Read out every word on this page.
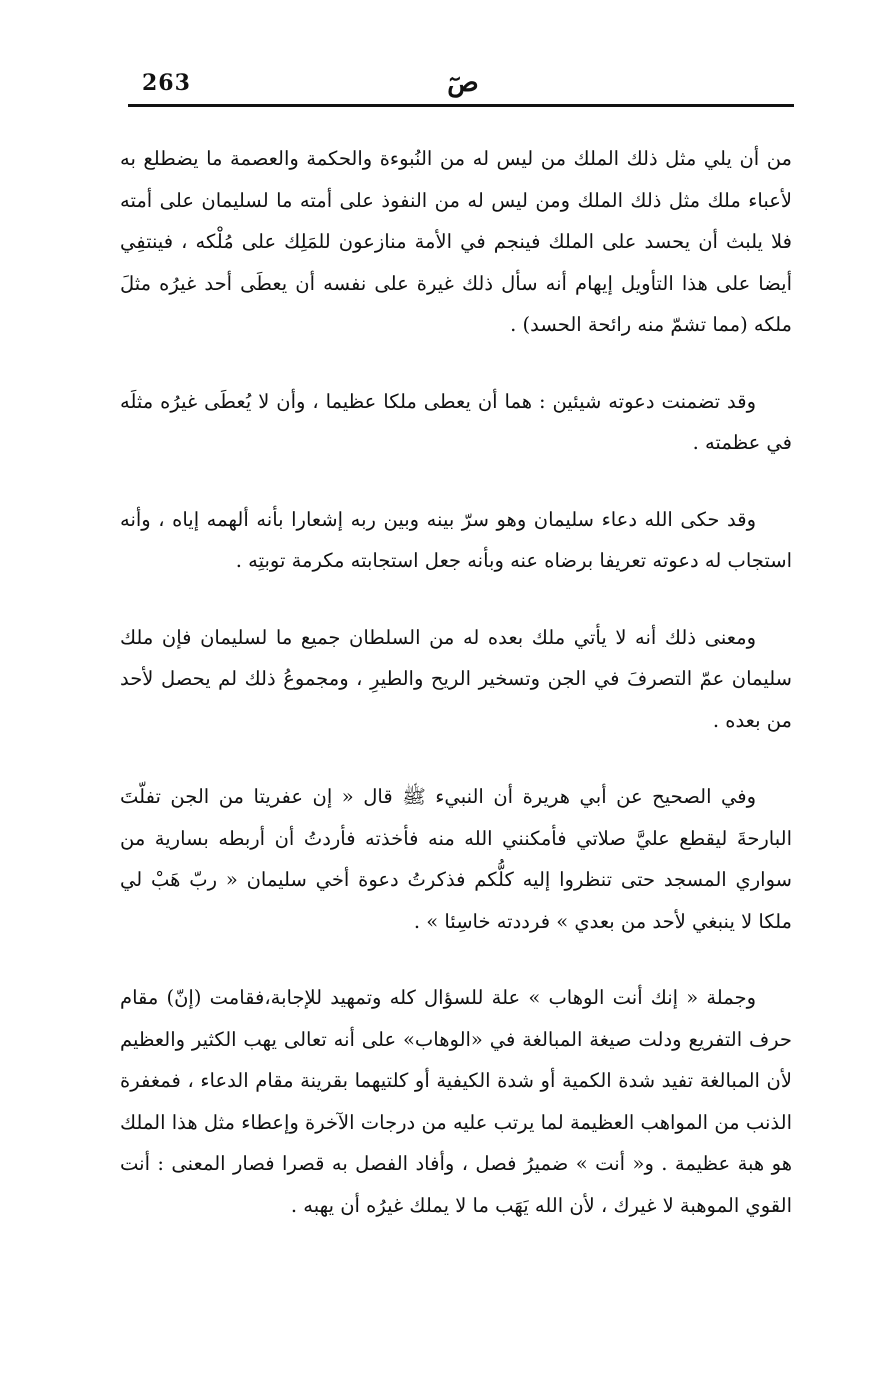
263	صٓ

من أن يلي مثل ذلك الملك من ليس له من النُبوءة والحكمة والعصمة ما يضطلع به لأعباء ملك مثل ذلك الملك ومن ليس له من النفوذ على أمته ما لسليمان على أمته فلا يلبث أن يحسد على الملك فينجم في الأمة منازعون للمَلِك على مُلْكه ، فينتفِي أيضا على هذا التأويل إيهام أنه سأل ذلك غيرة على نفسه أن يعطَى أحد غيرُه مثلَ ملكه (مما تشمّ منه رائحة الحسد) .

وقد تضمنت دعوته شيئين : هما أن يعطى ملكا عظيما ، وأن لا يُعطَى غيرُه مثلَه في عظمته .

وقد حكى الله دعاء سليمان وهو سرّ بينه وبين ربه إشعارا بأنه ألهمه إياه ، وأنه استجاب له دعوته تعريفا برضاه عنه وبأنه جعل استجابته مكرمة توبتِه .

ومعنى ذلك أنه لا يأتي ملك بعده له من السلطان جميع ما لسليمان فإن ملك سليمان عمّ التصرفَ في الجن وتسخير الريح والطيرِ ، ومجموعُ ذلك لم يحصل لأحد من بعده .

وفي الصحيح عن أبي هريرة أن النبيء ﷺ قال « إن عفريتا من الجن تفلّتَ البارحةَ ليقطع عليَّ صلاتي فأمكنني الله منه فأخذته فأردتُ أن أربطه بسارية من سواري المسجد حتى تنظروا إليه كلُّكم فذكرتُ دعوة أخي سليمان « ربّ هَبْ لي ملكا لا ينبغي لأحد من بعدي » فرددته خاسِئا » .

وجملة « إنك أنت الوهاب » علة للسؤال كله وتمهيد للإجابة،فقامت (إنّ) مقام حرف التفريع ودلت صيغة المبالغة في «الوهاب» على أنه تعالى يهب الكثير والعظيم لأن المبالغة تفيد شدة الكمية أو شدة الكيفية أو كلتيهما بقرينة مقام الدعاء ، فمغفرة الذنب من المواهب العظيمة لما يرتب عليه من درجات الآخرة وإعطاء مثل هذا الملك هو هبة عظيمة . و« أنت » ضميرُ فصل ، وأفاد الفصل به قصرا فصار المعنى : أنت القوي الموهبة لا غيرك ، لأن الله يَهَب ما لا يملك غيرُه أن يهبه .
